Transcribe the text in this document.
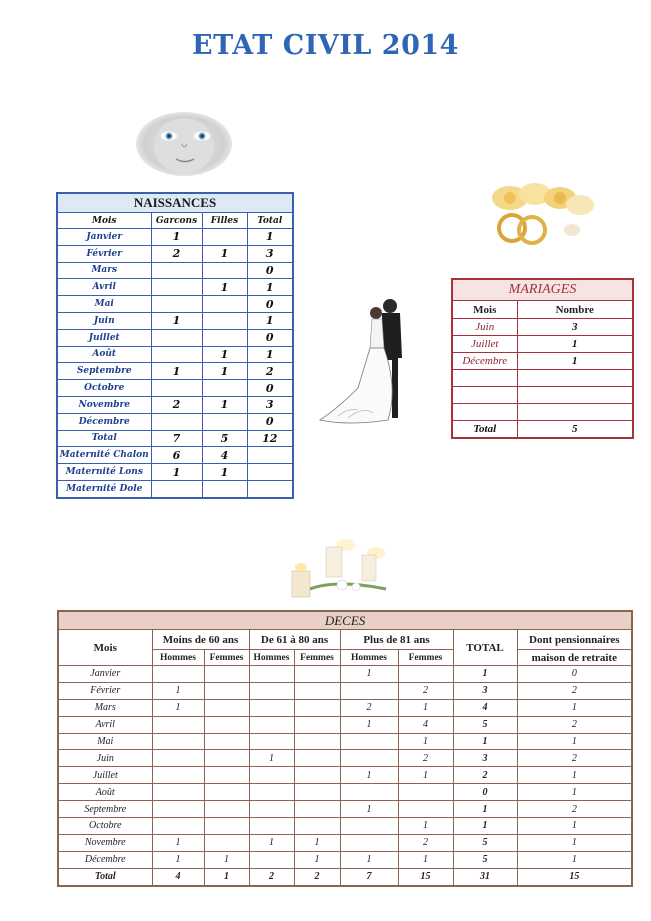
ETAT CIVIL 2014
NAISSANCES			
Mois	Garcons	Filles	Total
Janvier	1		1
Février	2	1	3
Mars			0
Avril		1	1
Mai			0
Juin	1		1
Juillet			0
Août		1	1
Septembre	1	1	2
Octobre			0
Novembre	2	1	3
Décembre			0
Total	7	5	12
Maternité Chalon	6	4	
Maternité Lons	1	1	
Maternité Dole			
MARIAGES	
Mois	Nombre
Juin	3
Juillet	1
Décembre	1

Total	5
DECES								
Mois	Moins de 60 ans		De 61 à 80 ans		Plus de 81 ans		TOTAL	Dont pensionnaires
	Hommes	Femmes	Hommes	Femmes	Hommes	Femmes		maison de retraite
Janvier					1		1	0
Février	1					2	3	2
Mars	1				2	1	4	1
Avril					1	4	5	2
Mai						1	1	1
Juin			1			2	3	2
Juillet					1	1	2	1
Août							0	1
Septembre					1		1	2
Octobre						1	1	1
Novembre	1		1	1		2	5	1
Décembre	1	1		1	1	1	5	1
Total	4	1	2	2	7	15	31	15
